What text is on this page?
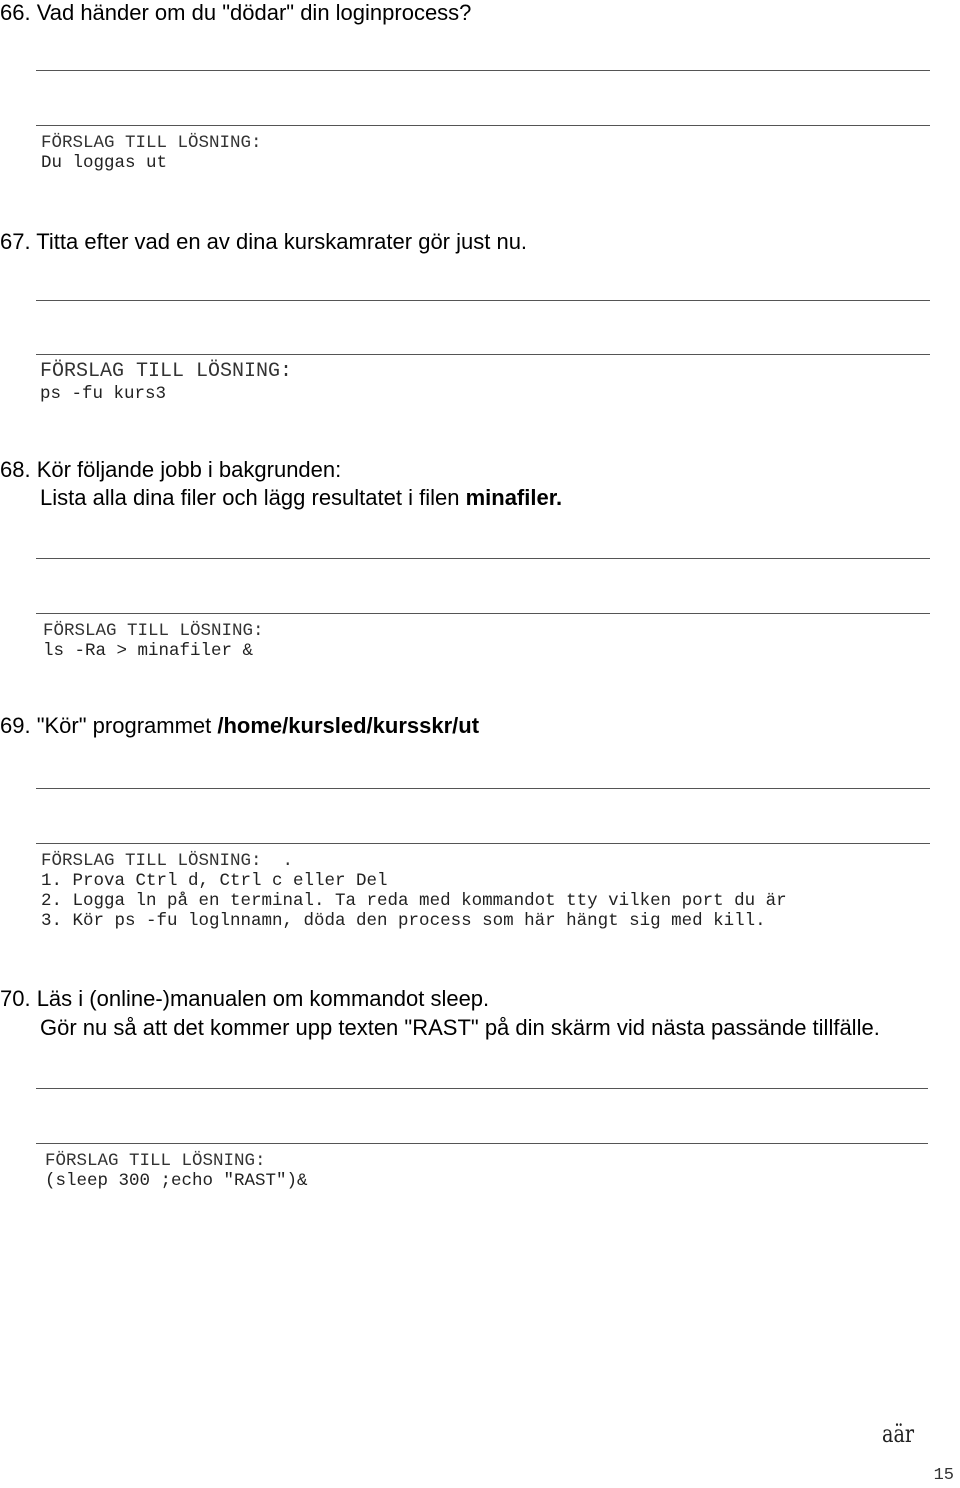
66. Vad händer om du "dödar" din loginprocess?

FÖRSLAG TILL LÖSNING:

Du loggas ut

67. Titta efter vad en av dina kurskamrater gör just nu.

FÖRSLAG TILL LÖSNING:

ps -fu kurs3

68. Kör följande jobb i bakgrunden:

Lista alla dina filer och lägg resultatet i filen minafiler.

FÖRSLAG TILL LÖSNING:

ls -Ra > minafiler &

69. "Kör" programmet /home/kursled/kursskr/ut

FÖRSLAG TILL LÖSNING:  .

1. Prova Ctrl d, Ctrl c eller Del

2. Logga ln på en terminal. Ta reda med kommandot tty vilken port du är

3. Kör ps -fu loglnnamn, döda den process som här hängt sig med kill.

70. Läs i (online-)manualen om kommandot sleep.

Gör nu så att det kommer upp texten "RAST" på din skärm vid nästa passände tillfälle.

FÖRSLAG TILL LÖSNING:

(sleep 300 ;echo "RAST")&

aär
15
